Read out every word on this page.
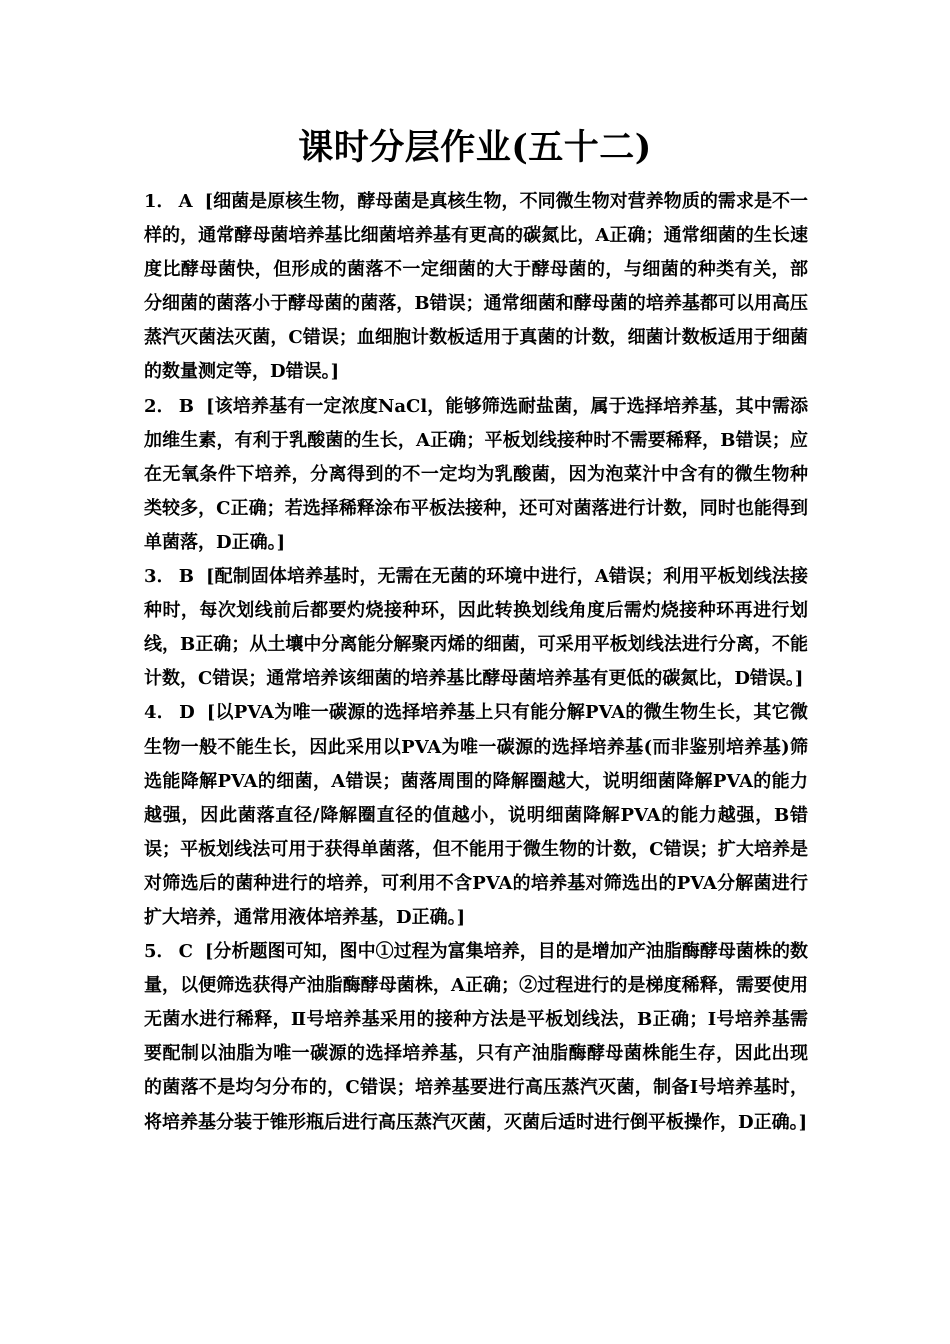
课时分层作业(五十二)

1． A [细菌是原核生物，酵母菌是真核生物，不同微生物对营养物质的需求是不一样的，通常酵母菌培养基比细菌培养基有更高的碳氮比，A正确；通常细菌的生长速度比酵母菌快，但形成的菌落不一定细菌的大于酵母菌的，与细菌的种类有关，部分细菌的菌落小于酵母菌的菌落，B错误；通常细菌和酵母菌的培养基都可以用高压蒸汽灭菌法灭菌，C错误；血细胞计数板适用于真菌的计数，细菌计数板适用于细菌的数量测定等，D错误。]

2． B [该培养基有一定浓度NaCl，能够筛选耐盐菌，属于选择培养基，其中需添加维生素，有利于乳酸菌的生长，A正确；平板划线接种时不需要稀释，B错误；应在无氧条件下培养，分离得到的不一定均为乳酸菌，因为泡菜汁中含有的微生物种类较多，C正确；若选择稀释涂布平板法接种，还可对菌落进行计数，同时也能得到单菌落，D正确。]

3． B [配制固体培养基时，无需在无菌的环境中进行，A错误；利用平板划线法接种时，每次划线前后都要灼烧接种环，因此转换划线角度后需灼烧接种环再进行划线，B正确；从土壤中分离能分解聚丙烯的细菌，可采用平板划线法进行分离，不能计数，C错误；通常培养该细菌的培养基比酵母菌培养基有更低的碳氮比，D错误。]

4． D [以PVA为唯一碳源的选择培养基上只有能分解PVA的微生物生长，其它微生物一般不能生长，因此采用以PVA为唯一碳源的选择培养基(而非鉴别培养基)筛选能降解PVA的细菌，A错误；菌落周围的降解圈越大，说明细菌降解PVA的能力越强，因此菌落直径/降解圈直径的值越小，说明细菌降解PVA的能力越强，B错误；平板划线法可用于获得单菌落，但不能用于微生物的计数，C错误；扩大培养是对筛选后的菌种进行的培养，可利用不含PVA的培养基对筛选出的PVA分解菌进行扩大培养，通常用液体培养基，D正确。]

5． C [分析题图可知，图中①过程为富集培养，目的是增加产油脂酶酵母菌株的数量，以便筛选获得产油脂酶酵母菌株，A正确；②过程进行的是梯度稀释，需要使用无菌水进行稀释，Ⅱ号培养基采用的接种方法是平板划线法，B正确；Ⅰ号培养基需要配制以油脂为唯一碳源的选择培养基，只有产油脂酶酵母菌株能生存，因此出现的菌落不是均匀分布的，C错误；培养基要进行高压蒸汽灭菌，制备Ⅰ号培养基时，将培养基分装于锥形瓶后进行高压蒸汽灭菌，灭菌后适时进行倒平板操作，D正确。]
